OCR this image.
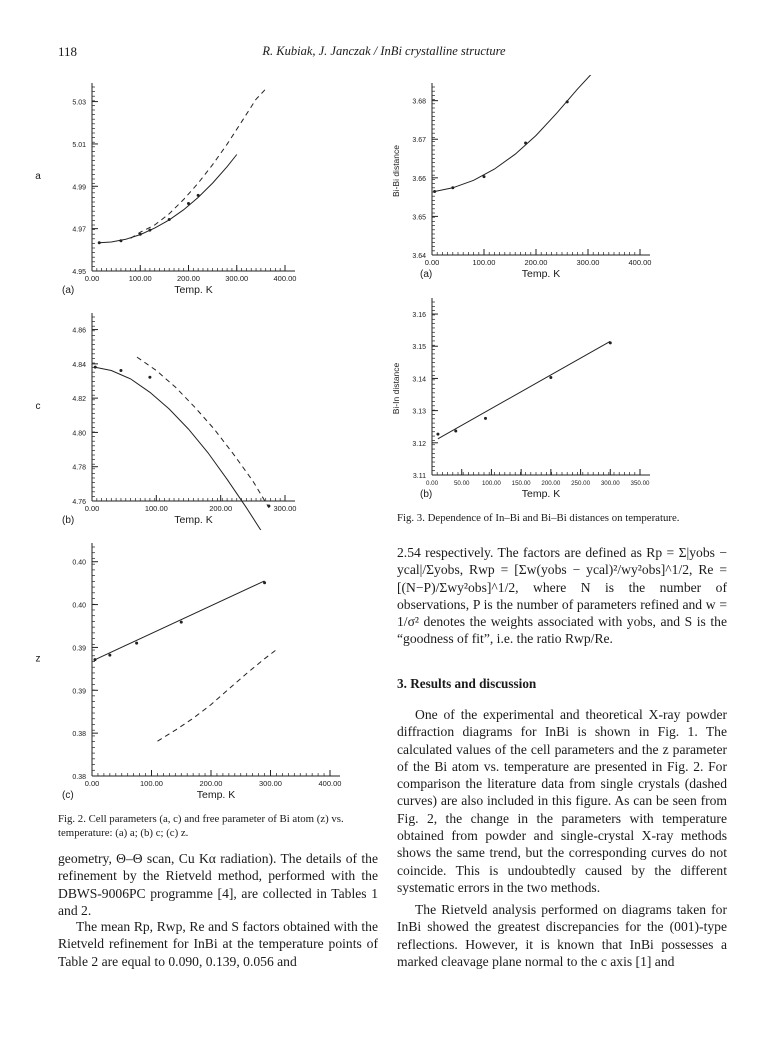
118	R. Kubiak, J. Janczak / InBi crystalline structure
0.00	100.00	200.00	300.00	400.00
4.95
4.97
4.99
5.01
5.03
a
(a)	Temp. K
0.00	100.00	200.00	300.00
4.76
4.78
4.80
4.82
4.84
4.86
c
(b)	Temp. K
0.00	100.00	200.00	300.00	400.00
0.38
0.38
0.39
0.39
0.40
0.40
z
(c)	Temp. K
0.00	100.00	200.00	300.00	400.00
3.64
3.65
3.66
3.67
3.68
Bi-Bi distance
(a)	Temp. K
0.00	50.00 100.00 150.00 200.00 250.00 300.00 350.00
3.11
3.12
3.13
3.14
3.15
3.16
Bi-In distance
(b)	Temp. K
Fig. 3. Dependence of In–Bi and Bi–Bi distances on temperature.
Fig. 2. Cell parameters (a, c) and free parameter of Bi atom (z) vs. temperature: (a) a; (b) c; (c) z.
geometry, Θ–Θ scan, Cu Kα radiation). The details of the refinement by the Rietveld method, performed with the DBWS-9006PC programme [4], are collected in Tables 1 and 2.
The mean Rp, Rwp, Re and S factors obtained with the Rietveld refinement for InBi at the temperature points of Table 2 are equal to 0.090, 0.139, 0.056 and
2.54 respectively. The factors are defined as Rp = Σ|yobs − ycal|/Σyobs, Rwp = [Σw(yobs − ycal)²/wy²obs]^1/2, Re = [(N−P)/Σwy²obs]^1/2, where N is the number of observations, P is the number of parameters refined and w = 1/σ² denotes the weights associated with yobs, and S is the “goodness of fit”, i.e. the ratio Rwp/Re.
3. Results and discussion
One of the experimental and theoretical X-ray powder diffraction diagrams for InBi is shown in Fig. 1. The calculated values of the cell parameters and the z parameter of the Bi atom vs. temperature are presented in Fig. 2. For comparison the literature data from single crystals (dashed curves) are also included in this figure. As can be seen from Fig. 2, the change in the parameters with temperature obtained from powder and single-crystal X-ray methods shows the same trend, but the corresponding curves do not coincide. This is undoubtedly caused by the different systematic errors in the two methods.
The Rietveld analysis performed on diagrams taken for InBi showed the greatest discrepancies for the (001)-type reflections. However, it is known that InBi possesses a marked cleavage plane normal to the c axis [1] and
